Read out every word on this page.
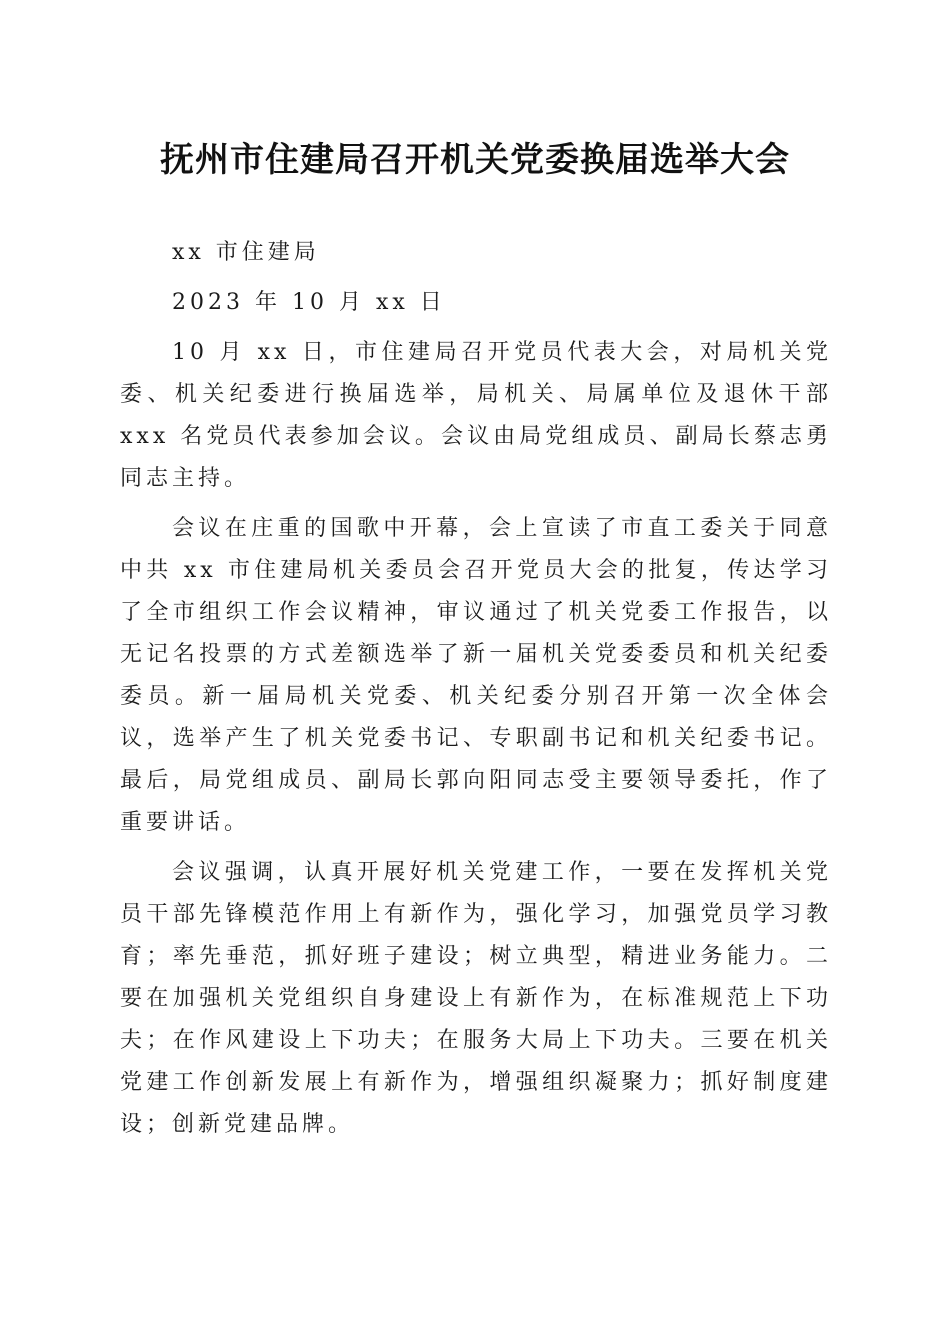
抚州市住建局召开机关党委换届选举大会
xx 市住建局
2023 年 10 月 xx 日

10 月 xx 日，市住建局召开党员代表大会，对局机关党委、机关纪委进行换届选举，局机关、局属单位及退休干部 xxx 名党员代表参加会议。会议由局党组成员、副局长蔡志勇同志主持。

会议在庄重的国歌中开幕，会上宣读了市直工委关于同意中共 xx 市住建局机关委员会召开党员大会的批复，传达学习了全市组织工作会议精神，审议通过了机关党委工作报告，以无记名投票的方式差额选举了新一届机关党委委员和机关纪委委员。新一届局机关党委、机关纪委分别召开第一次全体会议，选举产生了机关党委书记、专职副书记和机关纪委书记。最后，局党组成员、副局长郭向阳同志受主要领导委托，作了重要讲话。

会议强调，认真开展好机关党建工作，一要在发挥机关党员干部先锋模范作用上有新作为，强化学习，加强党员学习教育；率先垂范，抓好班子建设；树立典型，精进业务能力。二要在加强机关党组织自身建设上有新作为，在标准规范上下功夫；在作风建设上下功夫；在服务大局上下功夫。三要在机关党建工作创新发展上有新作为，增强组织凝聚力；抓好制度建设；创新党建品牌。
